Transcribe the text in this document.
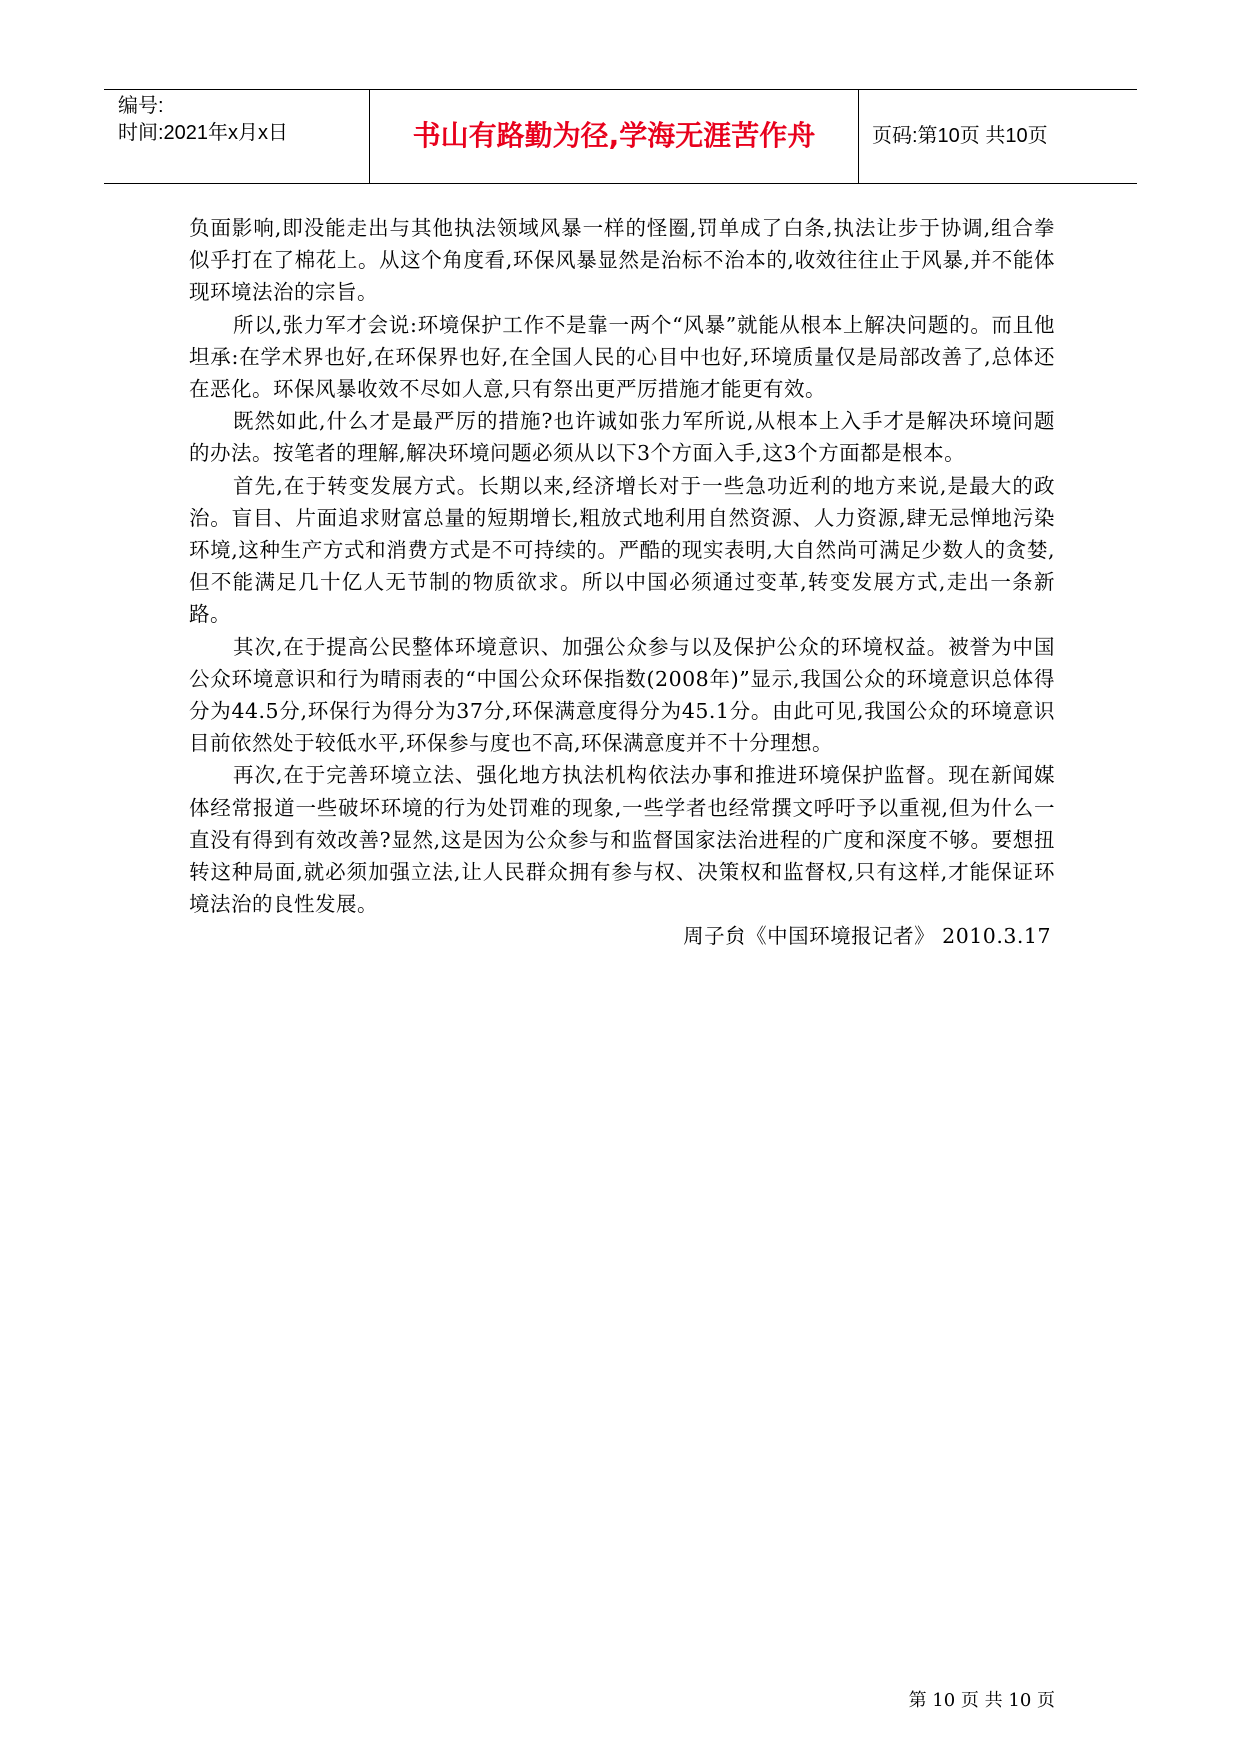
编号:
时间:2021年x月x日	书山有路勤为径,学海无涯苦作舟	页码:第10页 共10页

负面影响,即没能走出与其他执法领域风暴一样的怪圈,罚单成了白条,执法让步于协调,组合拳似乎打在了棉花上。从这个角度看,环保风暴显然是治标不治本的,收效往往止于风暴,并不能体现环境法治的宗旨。

所以,张力军才会说:环境保护工作不是靠一两个“风暴”就能从根本上解决问题的。而且他坦承:在学术界也好,在环保界也好,在全国人民的心目中也好,环境质量仅是局部改善了,总体还在恶化。环保风暴收效不尽如人意,只有祭出更严厉措施才能更有效。

既然如此,什么才是最严厉的措施?也许诚如张力军所说,从根本上入手才是解决环境问题的办法。按笔者的理解,解决环境问题必须从以下3个方面入手,这3个方面都是根本。

首先,在于转变发展方式。长期以来,经济增长对于一些急功近利的地方来说,是最大的政治。盲目、片面追求财富总量的短期增长,粗放式地利用自然资源、人力资源,肆无忌惮地污染环境,这种生产方式和消费方式是不可持续的。严酷的现实表明,大自然尚可满足少数人的贪婪,但不能满足几十亿人无节制的物质欲求。所以中国必须通过变革,转变发展方式,走出一条新路。

其次,在于提高公民整体环境意识、加强公众参与以及保护公众的环境权益。被誉为中国公众环境意识和行为晴雨表的“中国公众环保指数(2008年)”显示,我国公众的环境意识总体得分为44.5分,环保行为得分为37分,环保满意度得分为45.1分。由此可见,我国公众的环境意识目前依然处于较低水平,环保参与度也不高,环保满意度并不十分理想。

再次,在于完善环境立法、强化地方执法机构依法办事和推进环境保护监督。现在新闻媒体经常报道一些破坏环境的行为处罚难的现象,一些学者也经常撰文呼吁予以重视,但为什么一直没有得到有效改善?显然,这是因为公众参与和监督国家法治进程的广度和深度不够。要想扭转这种局面,就必须加强立法,让人民群众拥有参与权、决策权和监督权,只有这样,才能保证环境法治的良性发展。

周子贠《中国环境报记者》 2010.3.17

第 10 页 共 10 页
